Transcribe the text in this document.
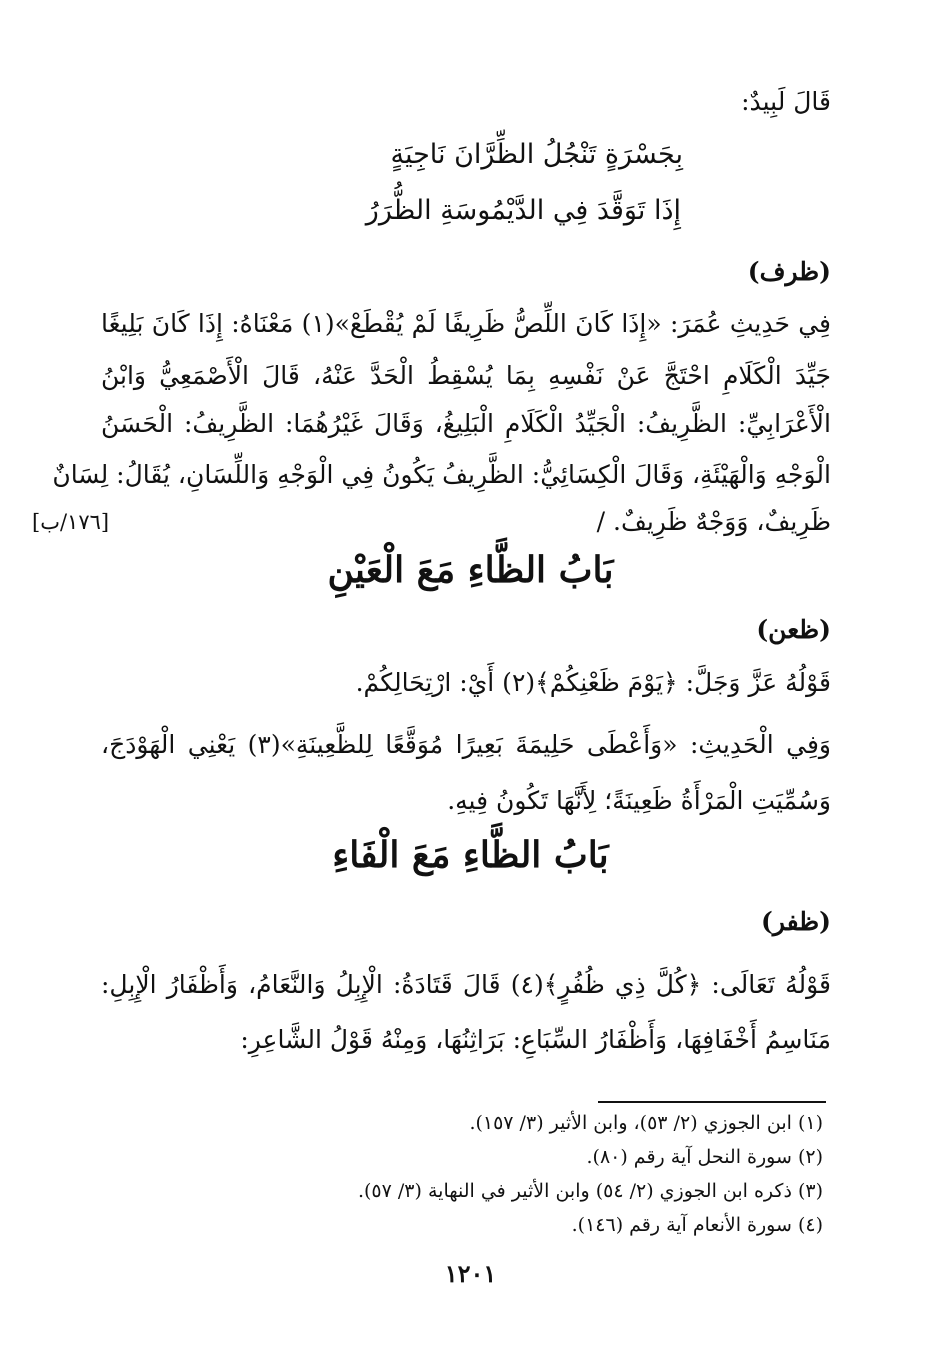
قَالَ لَبِيدٌ:
بِجَسْرَةٍ تَنْجُلُ الظِّرَّانَ نَاجِيَةٍ
إِذَا تَوَقَّدَ فِي الدَّيْمُوسَةِ الظُّرَرُ
(ظرف)
فِي حَدِيثِ عُمَرَ: «إِذَا كَانَ اللِّصُّ ظَرِيفًا لَمْ يُقْطَعْ»(١) مَعْنَاهُ: إِذَا كَانَ بَلِيغًا
جَيِّدَ الْكَلَامِ احْتَجَّ عَنْ نَفْسِهِ بِمَا يُسْقِطُ الْحَدَّ عَنْهُ، قَالَ الْأَصْمَعِيُّ وَابْنُ
الْأَعْرَابِيِّ: الظَّرِيفُ: الْجَيِّدُ الْكَلَامِ الْبَلِيغُ، وَقَالَ غَيْرُهُمَا: الظَّرِيفُ: الْحَسَنُ
الْوَجْهِ وَالْهَيْئَةِ، وَقَالَ الْكِسَائِيُّ: الظَّرِيفُ يَكُونُ فِي الْوَجْهِ وَاللِّسَانِ، يُقَالُ: لِسَانٌ
ظَرِيفٌ، وَوَجْهٌ ظَرِيفٌ. /
[١٧٦/ب]
بَابُ الظَّاءِ مَعَ الْعَيْنِ
(ظعن)
قَوْلُهُ عَزَّ وَجَلَّ: ﴿يَوْمَ ظَعْنِكُمْ﴾(٢) أَيْ: ارْتِحَالِكُمْ.
وَفِي الْحَدِيثِ: «وَأَعْطَى حَلِيمَةَ بَعِيرًا مُوَقَّعًا لِلظَّعِينَةِ»(٣) يَعْنِي الْهَوْدَجَ،
وَسُمِّيَتِ الْمَرْأَةُ ظَعِينَةً؛ لِأَنَّهَا تَكُونُ فِيهِ.
بَابُ الظَّاءِ مَعَ الْفَاءِ
(ظفر)
قَوْلُهُ تَعَالَى: ﴿كُلَّ ذِي ظُفُرٍ﴾(٤) قَالَ قَتَادَةُ: الْإِبِلُ وَالنَّعَامُ، وَأَظْفَارُ الْإِبِلِ:
مَنَاسِمُ أَخْفَافِهَا، وَأَظْفَارُ السِّبَاعِ: بَرَاثِنُهَا، وَمِنْهُ قَوْلُ الشَّاعِرِ:
(١) ابن الجوزي (٢/ ٥٣)، وابن الأثير (٣/ ١٥٧).
(٢) سورة النحل آية رقم (٨٠).
(٣) ذكره ابن الجوزي (٢/ ٥٤) وابن الأثير في النهاية (٣/ ٥٧).
(٤) سورة الأنعام آية رقم (١٤٦).
١٢٠١
